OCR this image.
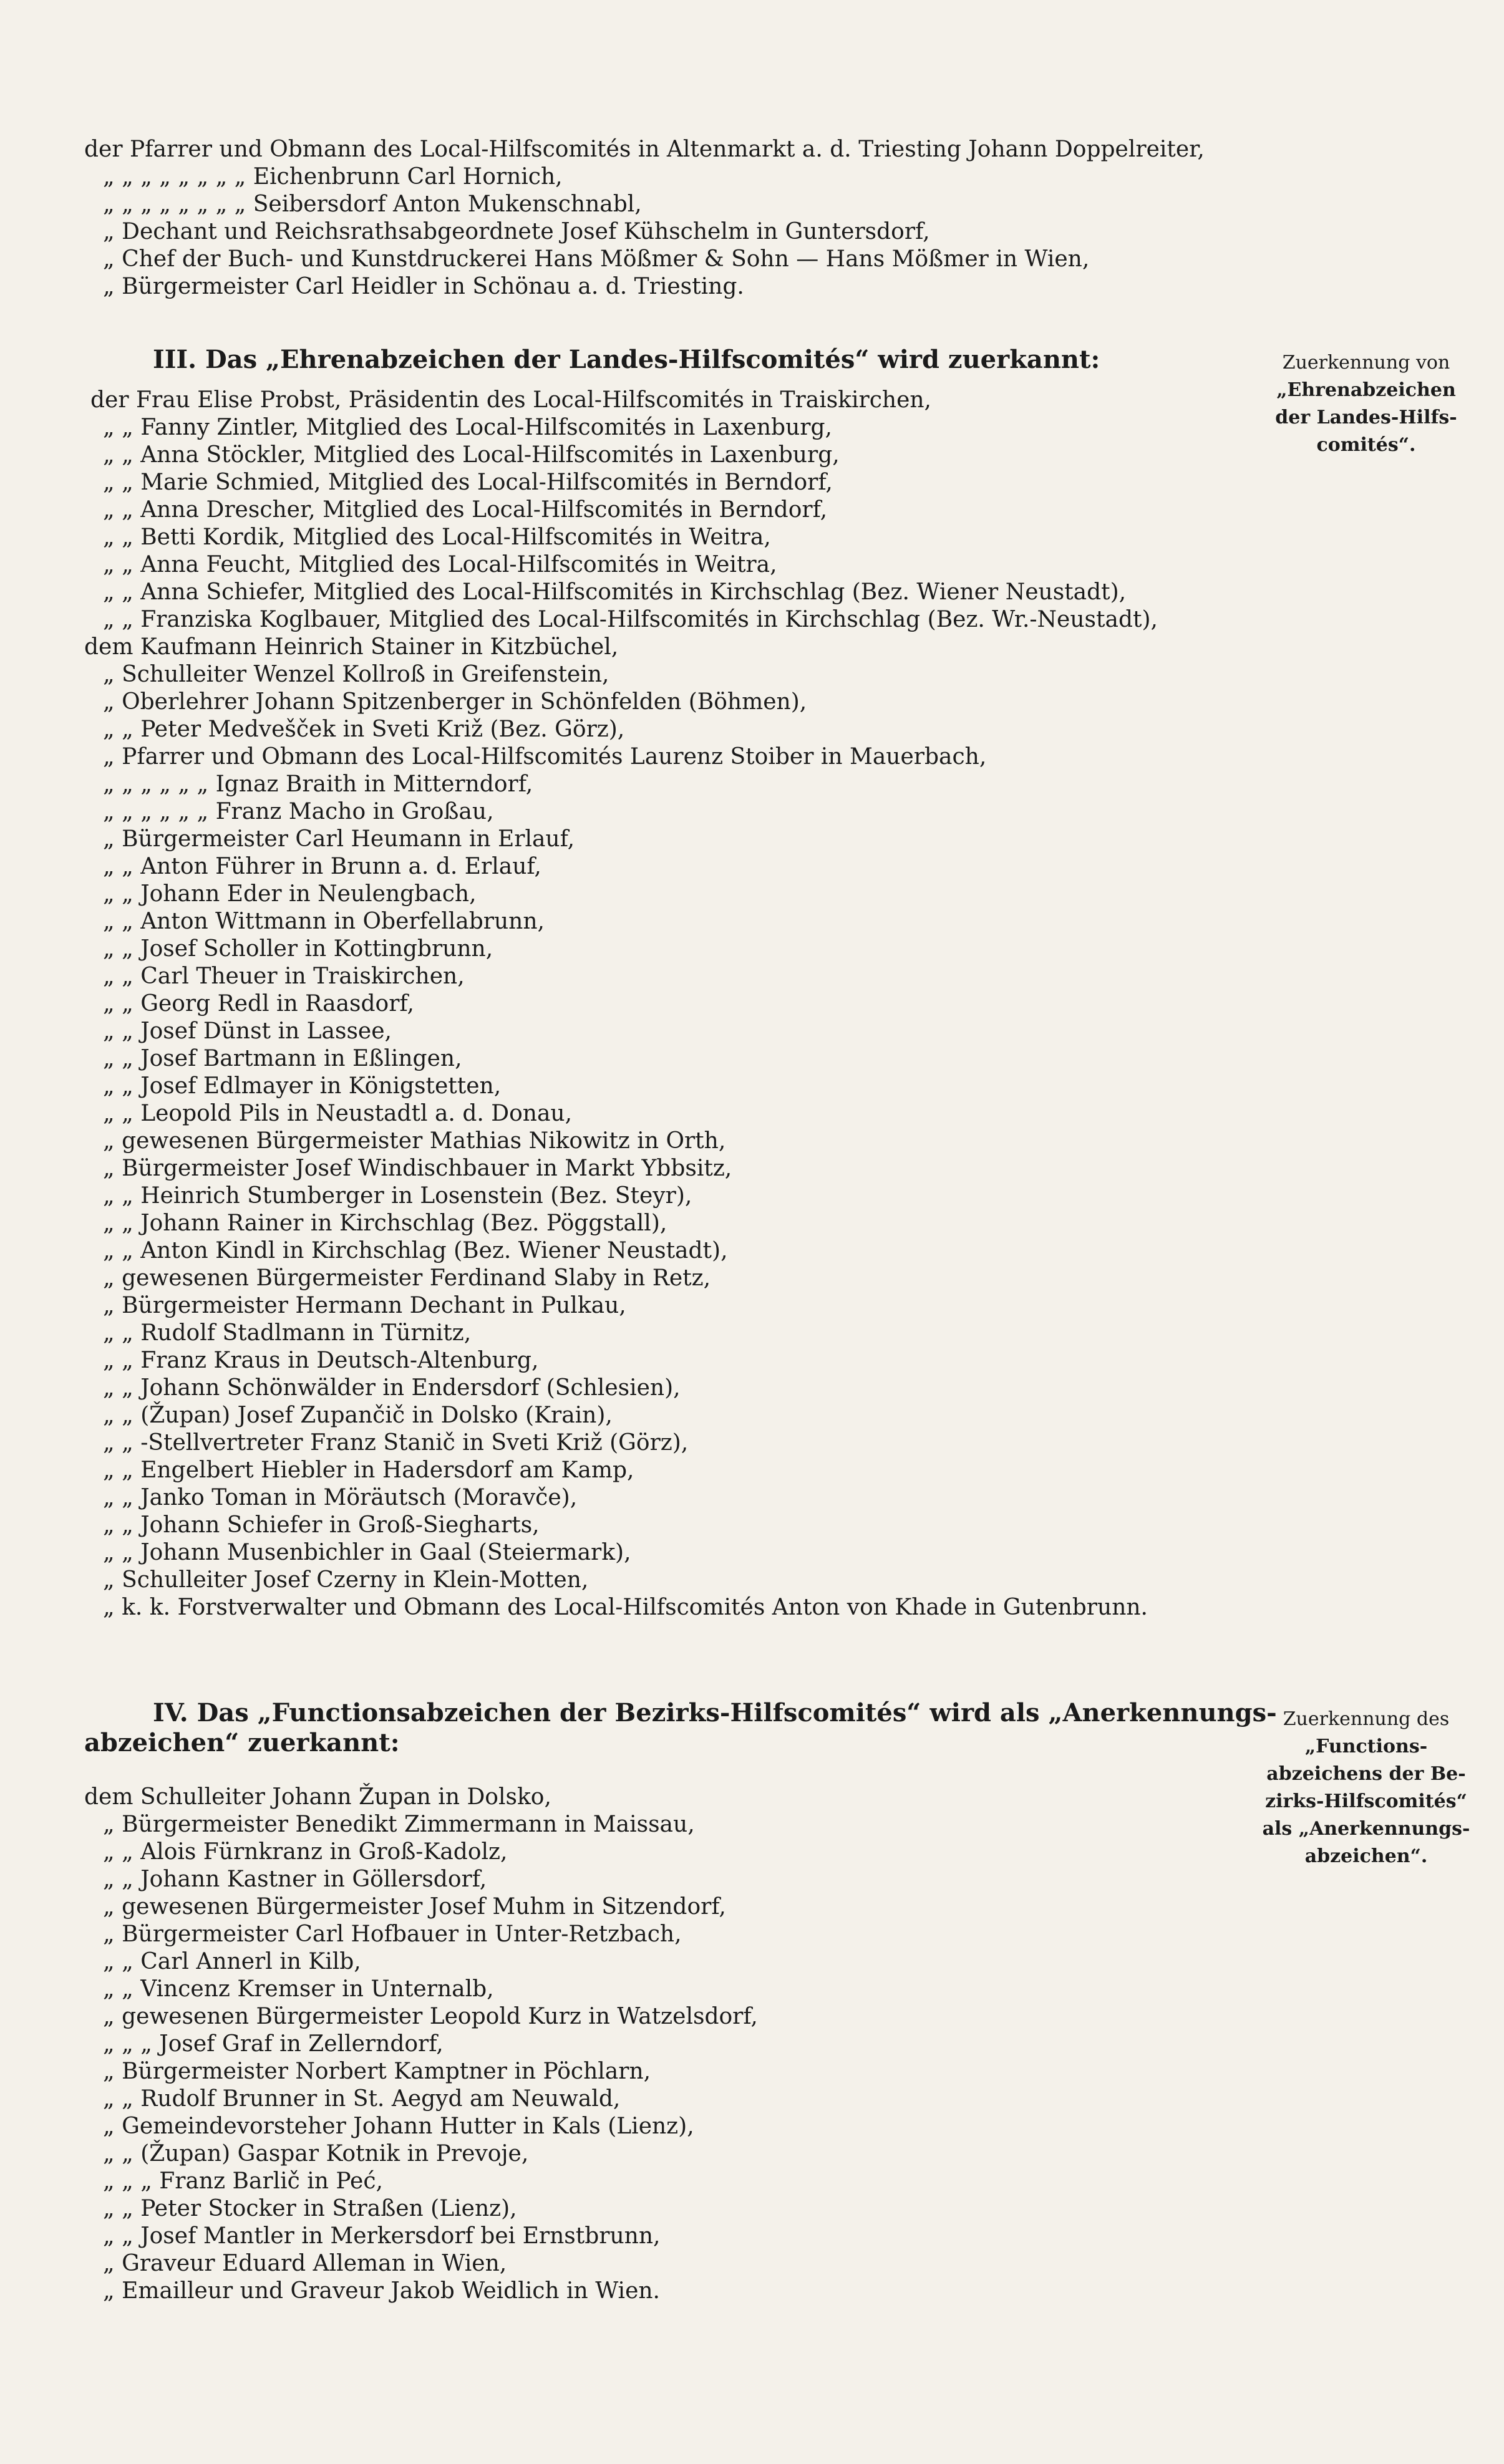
der Pfarrer und Obmann des Local-Hilfscomités in Altenmarkt a. d. Triesting Johann Doppelreiter,
„ „ „ „ „ „ „ „ Eichenbrunn Carl Hornich,
„ „ „ „ „ „ „ „ Seibersdorf Anton Mukenschnabl,
„ Dechant und Reichsrathsabgeordnete Josef Kühschelm in Guntersdorf,
„ Chef der Buch- und Kunstdruckerei Hans Mößmer & Sohn — Hans Mößmer in Wien,
„ Bürgermeister Carl Heidler in Schönau a. d. Triesting.
III. Das „Ehrenabzeichen der Landes-Hilfscomités“ wird zuerkannt:
der Frau Elise Probst, Präsidentin des Local-Hilfscomités in Traiskirchen,
„ „ Fanny Zintler, Mitglied des Local-Hilfscomités in Laxenburg,
„ „ Anna Stöckler, Mitglied des Local-Hilfscomités in Laxenburg,
„ „ Marie Schmied, Mitglied des Local-Hilfscomités in Berndorf,
„ „ Anna Drescher, Mitglied des Local-Hilfscomités in Berndorf,
„ „ Betti Kordik, Mitglied des Local-Hilfscomités in Weitra,
„ „ Anna Feucht, Mitglied des Local-Hilfscomités in Weitra,
„ „ Anna Schiefer, Mitglied des Local-Hilfscomités in Kirchschlag (Bez. Wiener Neustadt),
„ „ Franziska Koglbauer, Mitglied des Local-Hilfscomités in Kirchschlag (Bez. Wr.-Neustadt),
dem Kaufmann Heinrich Stainer in Kitzbüchel,
„ Schulleiter Wenzel Kollroß in Greifenstein,
„ Oberlehrer Johann Spitzenberger in Schönfelden (Böhmen),
„ „ Peter Medvešček in Sveti Križ (Bez. Görz),
„ Pfarrer und Obmann des Local-Hilfscomités Laurenz Stoiber in Mauerbach,
„ „ „ „ „ „ Ignaz Braith in Mitterndorf,
„ „ „ „ „ „ Franz Macho in Großau,
„ Bürgermeister Carl Heumann in Erlauf,
„ „ Anton Führer in Brunn a. d. Erlauf,
„ „ Johann Eder in Neulengbach,
„ „ Anton Wittmann in Oberfellabrunn,
„ „ Josef Scholler in Kottingbrunn,
„ „ Carl Theuer in Traiskirchen,
„ „ Georg Redl in Raasdorf,
„ „ Josef Dünst in Lassee,
„ „ Josef Bartmann in Eßlingen,
„ „ Josef Edlmayer in Königstetten,
„ „ Leopold Pils in Neustadtl a. d. Donau,
„ gewesenen Bürgermeister Mathias Nikowitz in Orth,
„ Bürgermeister Josef Windischbauer in Markt Ybbsitz,
„ „ Heinrich Stumberger in Losenstein (Bez. Steyr),
„ „ Johann Rainer in Kirchschlag (Bez. Pöggstall),
„ „ Anton Kindl in Kirchschlag (Bez. Wiener Neustadt),
„ gewesenen Bürgermeister Ferdinand Slaby in Retz,
„ Bürgermeister Hermann Dechant in Pulkau,
„ „ Rudolf Stadlmann in Türnitz,
„ „ Franz Kraus in Deutsch-Altenburg,
„ „ Johann Schönwälder in Endersdorf (Schlesien),
„ „ (Župan) Josef Zupančič in Dolsko (Krain),
„ „ -Stellvertreter Franz Stanič in Sveti Križ (Görz),
„ „ Engelbert Hiebler in Hadersdorf am Kamp,
„ „ Janko Toman in Möräutsch (Moravče),
„ „ Johann Schiefer in Groß-Siegharts,
„ „ Johann Musenbichler in Gaal (Steiermark),
„ Schulleiter Josef Czerny in Klein-Motten,
„ k. k. Forstverwalter und Obmann des Local-Hilfscomités Anton von Khade in Gutenbrunn.
IV. Das „Functionsabzeichen der Bezirks-Hilfscomités“ wird als „Anerkennungs-
abzeichen“ zuerkannt:
dem Schulleiter Johann Župan in Dolsko,
„ Bürgermeister Benedikt Zimmermann in Maissau,
„ „ Alois Fürnkranz in Groß-Kadolz,
„ „ Johann Kastner in Göllersdorf,
„ gewesenen Bürgermeister Josef Muhm in Sitzendorf,
„ Bürgermeister Carl Hofbauer in Unter-Retzbach,
„ „ Carl Annerl in Kilb,
„ „ Vincenz Kremser in Unternalb,
„ gewesenen Bürgermeister Leopold Kurz in Watzelsdorf,
„ „ „ Josef Graf in Zellerndorf,
„ Bürgermeister Norbert Kamptner in Pöchlarn,
„ „ Rudolf Brunner in St. Aegyd am Neuwald,
„ Gemeindevorsteher Johann Hutter in Kals (Lienz),
„ „ (Župan) Gaspar Kotnik in Prevoje,
„ „ „ Franz Barlič in Peć,
„ „ Peter Stocker in Straßen (Lienz),
„ „ Josef Mantler in Merkersdorf bei Ernstbrunn,
„ Graveur Eduard Alleman in Wien,
„ Emailleur und Graveur Jakob Weidlich in Wien.
Zuerkennung von
„Ehrenabzeichen
der Landes-Hilfs-
comités“.
Zuerkennung des
„Functions-
abzeichens der Be-
zirks-Hilfscomités“
als „Anerkennungs-
abzeichen“.
